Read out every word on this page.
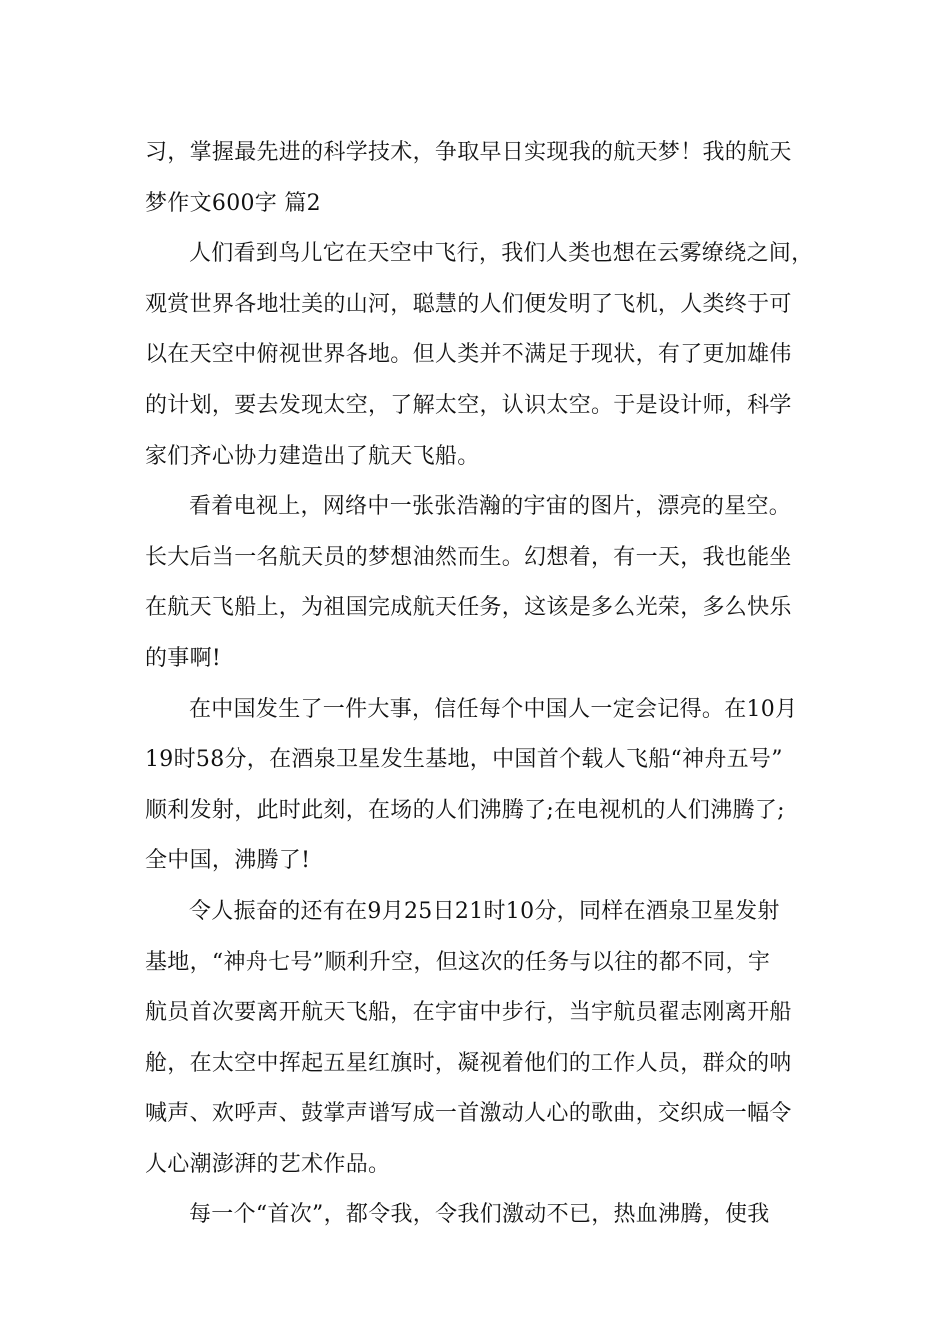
习，掌握最先进的科学技术，争取早日实现我的航天梦！我的航天
梦作文600字 篇2
人们看到鸟儿它在天空中飞行，我们人类也想在云雾缭绕之间，
观赏世界各地壮美的山河，聪慧的人们便发明了飞机，人类终于可
以在天空中俯视世界各地。但人类并不满足于现状，有了更加雄伟
的计划，要去发现太空，了解太空，认识太空。于是设计师，科学
家们齐心协力建造出了航天飞船。
看着电视上，网络中一张张浩瀚的宇宙的图片，漂亮的星空。
长大后当一名航天员的梦想油然而生。幻想着，有一天，我也能坐
在航天飞船上，为祖国完成航天任务，这该是多么光荣，多么快乐
的事啊!
在中国发生了一件大事，信任每个中国人一定会记得。在10月
19时58分，在酒泉卫星发生基地，中国首个载人飞船“神舟五号”
顺利发射，此时此刻，在场的人们沸腾了;在电视机的人们沸腾了;
全中国，沸腾了!
令人振奋的还有在9月25日21时10分，同样在酒泉卫星发射
基地，“神舟七号”顺利升空，但这次的任务与以往的都不同，宇
航员首次要离开航天飞船，在宇宙中步行，当宇航员翟志刚离开船
舱，在太空中挥起五星红旗时，凝视着他们的工作人员，群众的呐
喊声、欢呼声、鼓掌声谱写成一首激动人心的歌曲，交织成一幅令
人心潮澎湃的艺术作品。
每一个“首次”，都令我，令我们激动不已，热血沸腾，使我
